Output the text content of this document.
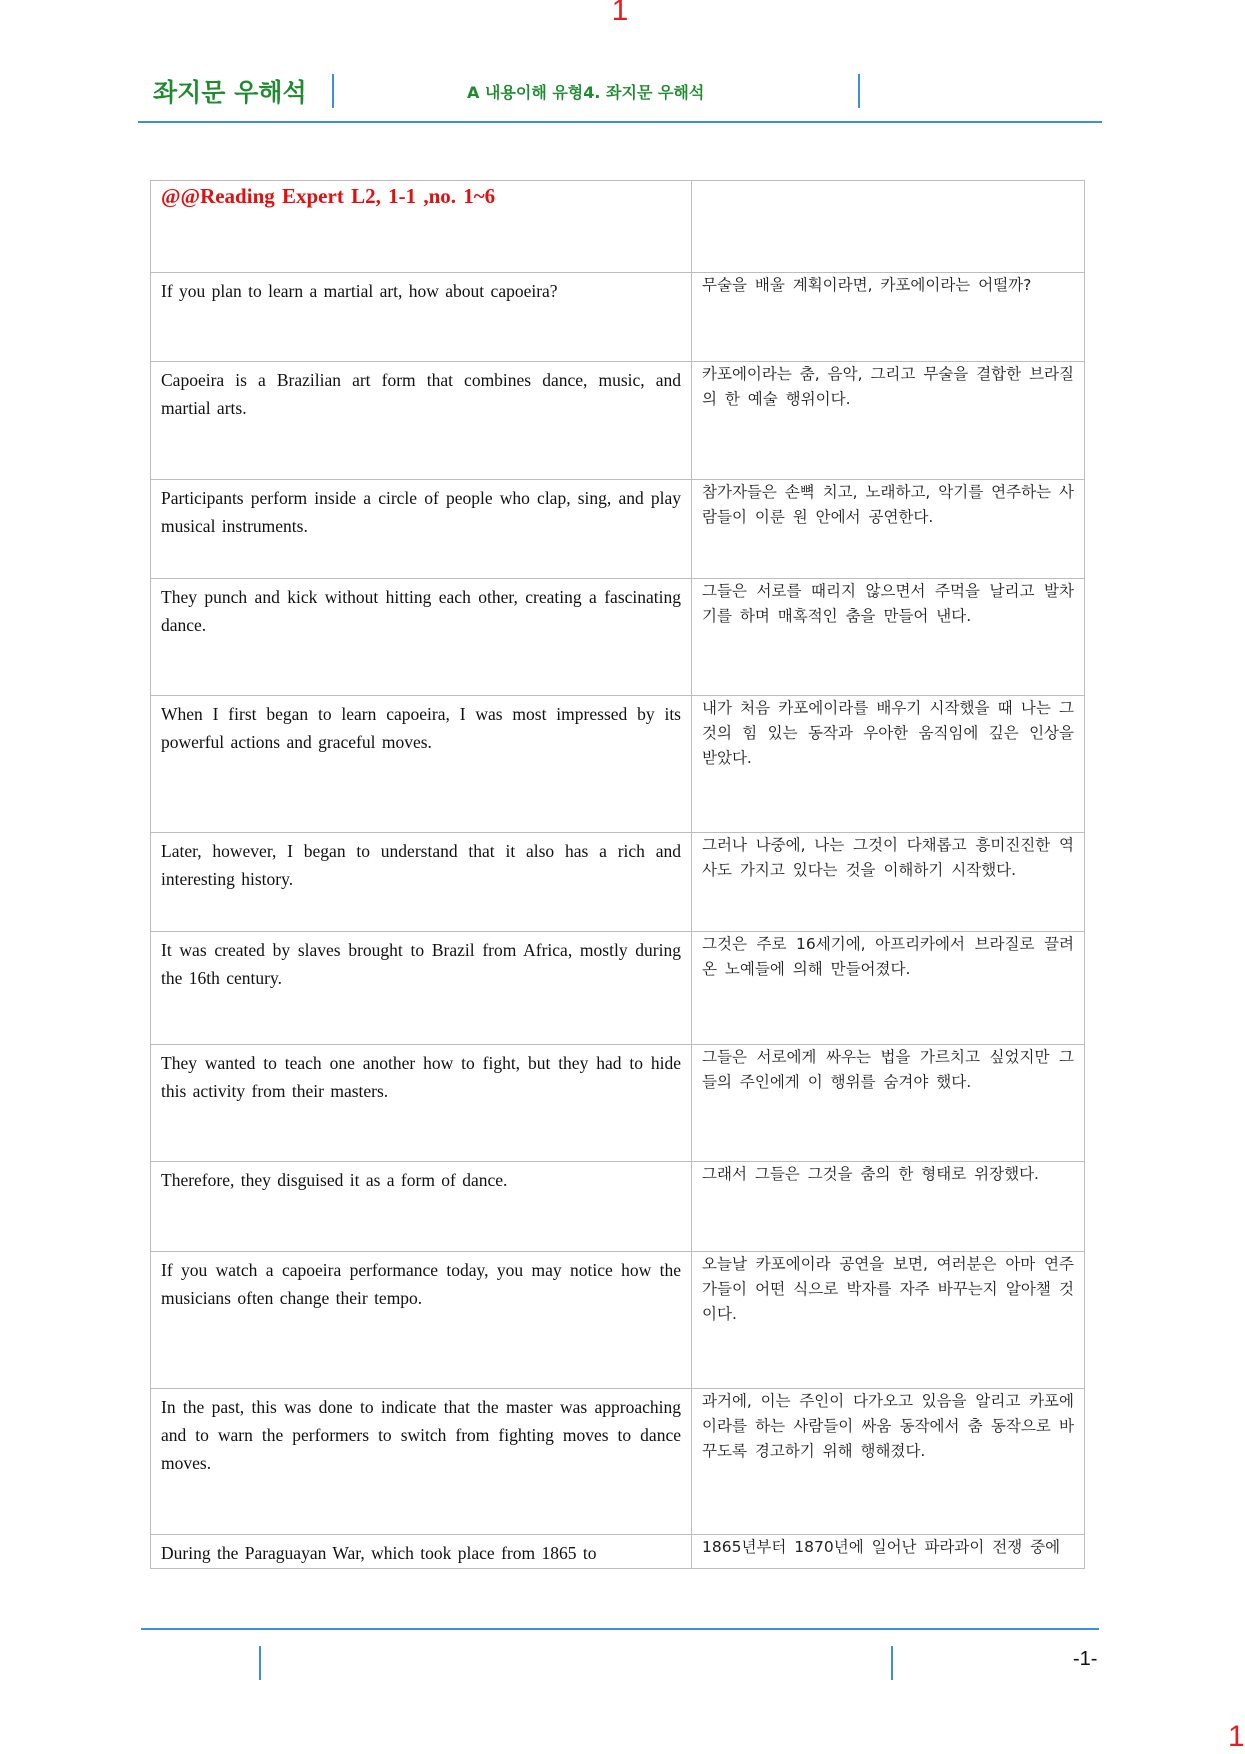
1
좌지문 우해석	A 내용이해 유형4. 좌지문 우해석
@@Reading Expert L2, 1-1 ,no. 1~6	
If you plan to learn a martial art, how about capoeira?	무술을 배울 계획이라면, 카포에이라는 어떨까?
Capoeira is a Brazilian art form that combines dance, music, and martial arts.	카포에이라는 춤, 음악, 그리고 무술을 결합한 브라질의 한 예술 행위이다.
Participants perform inside a circle of people who clap, sing, and play musical instruments.	참가자들은 손뼉 치고, 노래하고, 악기를 연주하는 사람들이 이룬 원 안에서 공연한다.
They punch and kick without hitting each other, creating a fascinating dance.	그들은 서로를 때리지 않으면서 주먹을 날리고 발차기를 하며 매혹적인 춤을 만들어 낸다.
When I first began to learn capoeira, I was most impressed by its powerful actions and graceful moves.	내가 처음 카포에이라를 배우기 시작했을 때 나는 그것의 힘 있는 동작과 우아한 움직임에 깊은 인상을 받았다.
Later, however, I began to understand that it also has a rich and interesting history.	그러나 나중에, 나는 그것이 다채롭고 흥미진진한 역사도 가지고 있다는 것을 이해하기 시작했다.
It was created by slaves brought to Brazil from Africa, mostly during the 16th century.	그것은 주로 16세기에, 아프리카에서 브라질로 끌려온 노예들에 의해 만들어졌다.
They wanted to teach one another how to fight, but they had to hide this activity from their masters.	그들은 서로에게 싸우는 법을 가르치고 싶었지만 그들의 주인에게 이 행위를 숨겨야 했다.
Therefore, they disguised it as a form of dance.	그래서 그들은 그것을 춤의 한 형태로 위장했다.
If you watch a capoeira performance today, you may notice how the musicians often change their tempo.	오늘날 카포에이라 공연을 보면, 여러분은 아마 연주가들이 어떤 식으로 박자를 자주 바꾸는지 알아챌 것이다.
In the past, this was done to indicate that the master was approaching and to warn the performers to switch from fighting moves to dance moves.	과거에, 이는 주인이 다가오고 있음을 알리고 카포에이라를 하는 사람들이 싸움 동작에서 춤 동작으로 바꾸도록 경고하기 위해 행해졌다.
During the Paraguayan War, which took place from 1865 to	1865년부터 1870년에 일어난 파라과이 전쟁 중에
-1-
1
